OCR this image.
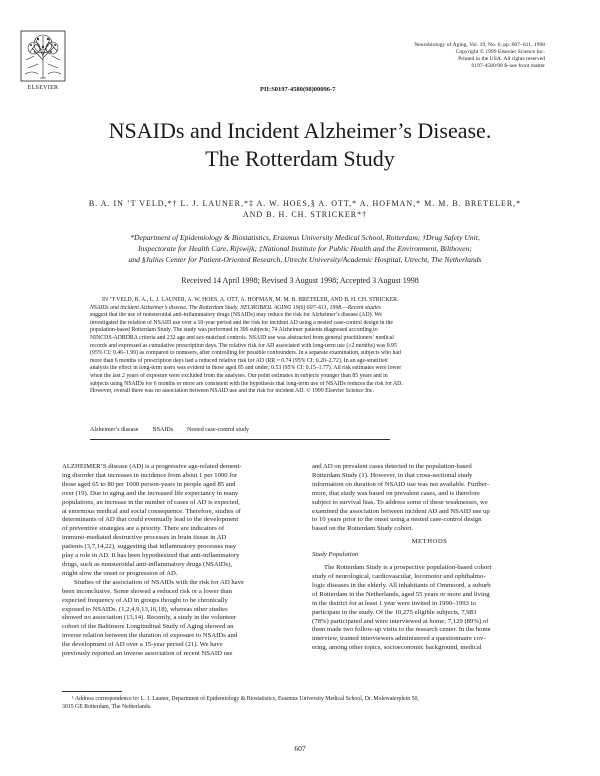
ELSEVIER
Neurobiology of Aging, Vol. 19, No. 6, pp. 607–611, 1998
Copyright © 1999 Elsevier Science Inc.
Printed in the USA. All rights reserved
0197-4580/98 $–see front matter
PII:S0197-4580(98)00096-7
NSAIDs and Incident Alzheimer’s Disease.
The Rotterdam Study
B. A. IN ’T VELD,*† L. J. LAUNER,*‡ A. W. HOES,§ A. OTT,* A. HOFMAN,* M. M. B. BRETELER,*
AND B. H. CH. STRICKER*†
*Department of Epidemiology & Biostatistics, Erasmus University Medical School, Rotterdam; †Drug Safety Unit,
Inspectorate for Health Care, Rijswijk; ‡National Institute for Public Health and the Environment, Bilthoven;
and §Julius Center for Patient-Oriented Research, Utrecht University/Academic Hospital, Utrecht, The Netherlands
Received 14 April 1998; Revised 3 August 1998; Accepted 3 August 1998
IN ’T VELD, B. A., L. J. LAUNER, A. W. HOES, A. OTT, A. HOFMAN, M. M. B. BRETELER, AND B. H. CH. STRICKER.
NSAIDs and incident Alzheimer’s disease. The Rotterdam Study. NEUROBIOL AGING 19(6) 607–611, 1998.—Recent studies
suggest that the use of nonsteroidal anti-inflammatory drugs (NSAIDs) may reduce the risk for Alzheimer’s disease (AD). We
investigated the relation of NSAID use over a 10-year period and the risk for incident AD using a nested case-control design in the
population-based Rotterdam Study. The study was performed in 306 subjects; 74 Alzheimer patients diagnosed according to
NINCDS-ADRDRA criteria and 232 age and sex-matched controls. NSAID use was abstracted from general practitioners’ medical
records and expressed as cumulative prescription days. The relative risk for AD associated with long-term use (≥2 months) was 0.95
(95% CI: 0.46–1.99) as compared to nonusers, after controlling for possible confounders. In a separate examination, subjects who had
more than 6 months of prescription days had a reduced relative risk for AD (RR = 0.74 (95% CI: 0.20–2.72). In an age-stratified
analysis the effect in long-term users was evident in those aged 85 and under; 0.53 (95% CI: 0.15–1.77). All risk estimates were lower
when the last 2 years of exposure were excluded from the analyses. Our point estimates in subjects younger than 85 years and in
subjects using NSAIDs for 6 months or more are consistent with the hypothesis that long-term use of NSAIDs reduces the risk for AD.
However, overall there was no association between NSAID use and the risk for incident AD. © 1999 Elsevier Science Inc.
Alzheimer’s disease NSAIDs Nested case-control study
ALZHEIMER’S disease (AD) is a progressive age-related dement-
ing disorder that increases in incidence from about 1 per 1000 for
those aged 65 to 80 per 1000 person-years in people aged 85 and
over (19). Due to aging and the increased life expectancy in many
populations, an increase in the number of cases of AD is expected,
at enormous medical and social consequence. Therefore, studies of
determinants of AD that could eventually lead to the development
of preventive strategies are a priority. There are indicators of
immuno-mediated destructive processes in brain tissue in AD
patients (3,7,14,22), suggesting that inflammatory processes may
play a role in AD. It has been hypothesized that anti-inflammatory
drugs, such as nonsteroidal anti-inflammatory drugs (NSAIDs),
might slow the onset or progression of AD.
Studies of the association of NSAIDs with the risk for AD have
been inconclusive. Some showed a reduced risk or a lower than
expected frequency of AD in groups thought to be chronically
exposed to NSAIDs. (1,2,4,9,13,16,18), whereas other studies
showed no association (13,14). Recently, a study in the volunteer
cohort of the Baltimore Longitudinal Study of Aging showed an
inverse relation between the duration of exposure to NSAIDs and
the development of AD over a 15-year period (21). We have
previously reported an inverse association of recent NSAID use
and AD on prevalent cases detected in the population-based
Rotterdam Study (1). However, in that cross-sectional study
information on duration of NSAID use was not available. Further-
more, that study was based on prevalent cases, and is therefore
subject to survival bias. To address some of these weaknesses, we
examined the association between incident AD and NSAID use up
to 10 years prior to the onset using a nested case-control design
based on the Rotterdam Study cohort.
METHODS
Study Population
The Rotterdam Study is a prospective population-based cohort
study of neurological, cardiovascular, locomotor and ophthalmo-
logic diseases in the elderly. All inhabitants of Ommoord, a suburb
of Rotterdam in the Netherlands, aged 55 years or more and living
in the district for at least 1 year were invited in 1990–1993 to
participate in the study. Of the 10,275 eligible subjects, 7,983
(78%) participated and were interviewed at home; 7,129 (89%) of
them made two follow-up visits to the research center. In the home
interview, trained interviewers administered a questionnaire cov-
ering, among other topics, socioeconomic background, medical
¹ Address correspondence to: L. J. Launer, Department of Epidemiology & Biostatistics, Erasmus University Medical School, Dr. Molewaterplein 50,
3015 GE Rotterdam, The Netherlands.
607
